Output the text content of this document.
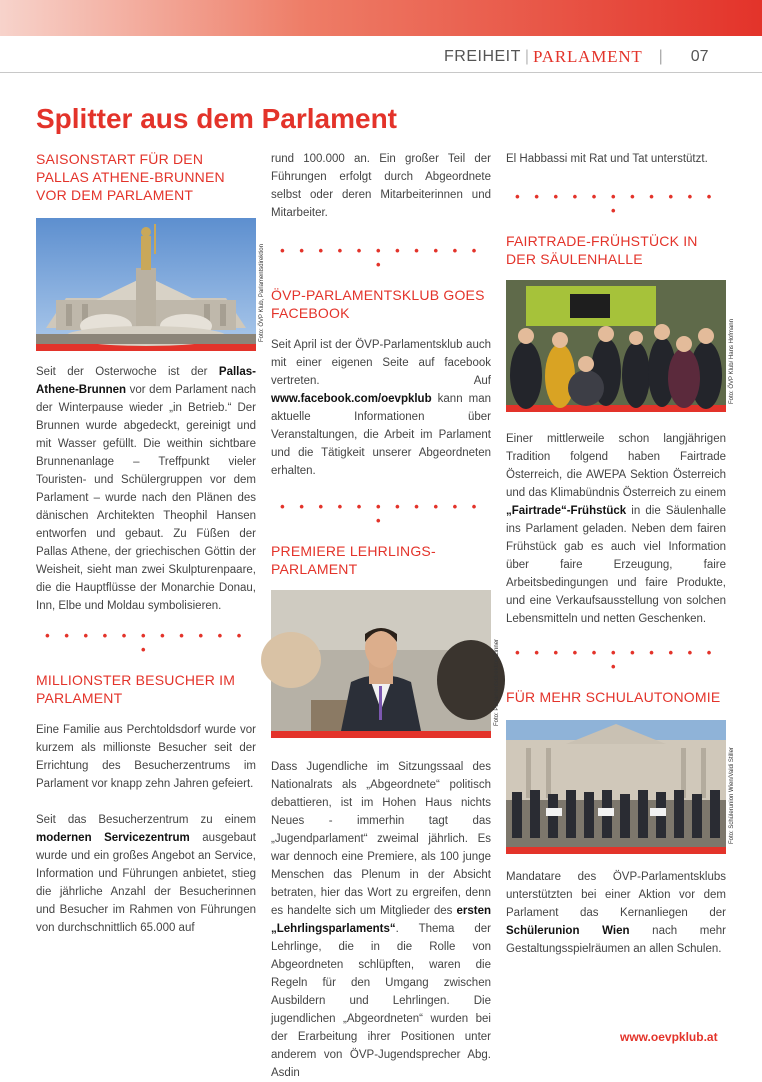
FREIHEIT | PARLAMENT | 07
Splitter aus dem Parlament
SAISONSTART FÜR DEN PALLAS ATHENE-BRUNNEN VOR DEM PARLAMENT
Foto: ÖVP Klub, Parlamentsdirektion

Seit der Osterwoche ist der Pallas-Athene-Brunnen vor dem Parlament nach der Winterpause wieder „in Betrieb.“ Der Brunnen wurde abgedeckt, gereinigt und mit Wasser gefüllt. Die weithin sichtbare Brunnenanlage – Treffpunkt vieler Touristen- und Schülergruppen vor dem Parlament – wurde nach den Plänen des dänischen Architekten Theophil Hansen entworfen und gebaut. Zu Füßen der Pallas Athene, der griechischen Göttin der Weisheit, sieht man zwei Skulpturenpaare, die die Hauptflüsse der Monarchie Donau, Inn, Elbe und Moldau symbolisieren.

• • • • • • • • • • • •
MILLIONSTER BESUCHER IM PARLAMENT

Eine Familie aus Perchtoldsdorf wurde vor kurzem als millionste Besucher seit der Errichtung des Besucherzentrums im Parlament vor knapp zehn Jahren gefeiert.

Seit das Besucherzentrum zu einem modernen Servicezentrum ausgebaut wurde und ein großes Angebot an Service, Information und Führungen anbietet, stieg die jährliche Anzahl der Besucherinnen und Besucher im Rahmen von Führungen von durchschnittlich 65.000 auf

rund 100.000 an. Ein großer Teil der Führungen erfolgt durch Abgeordnete selbst oder deren Mitarbeiterinnen und Mitarbeiter.

• • • • • • • • • • • •
ÖVP-PARLAMENTSKLUB GOES FACEBOOK

Seit April ist der ÖVP-Parlamentsklub auch mit einer eigenen Seite auf facebook vertreten. Auf www.facebook.com/oevpklub kann man aktuelle Informationen über Veranstaltungen, die Arbeit im Parlament und die Tätigkeit unserer Abgeordneten erhalten.

• • • • • • • • • • • •
PREMIERE LEHRLINGS-PARLAMENT
Foto: Parlamentsdirektion/Zinner

Dass Jugendliche im Sitzungssaal des Nationalrats als „Abgeordnete“ politisch debattieren, ist im Hohen Haus nichts Neues - immerhin tagt das „Jugendparlament“ zweimal jährlich. Es war dennoch eine Premiere, als 100 junge Menschen das Plenum in der Absicht betraten, hier das Wort zu ergreifen, denn es handelte sich um Mitglieder des ersten „Lehrlingsparlaments“. Thema der Lehrlinge, die in die Rolle von Abgeordneten schlüpften, waren die Regeln für den Umgang zwischen Ausbildern und Lehrlingen. Die jugendlichen „Abgeordneten“ wurden bei der Erarbeitung ihrer Positionen unter anderem von ÖVP-Jugendsprecher Abg. Asdin

El Habbassi mit Rat und Tat unterstützt.

• • • • • • • • • • • •
FAIRTRADE-FRÜHSTÜCK IN DER SÄULENHALLE
Foto: ÖVP Klub/ Hans Hofmann

Einer mittlerweile schon langjährigen Tradition folgend haben Fairtrade Österreich, die AWEPA Sektion Österreich und das Klimabündnis Österreich zu einem „Fairtrade“-Frühstück in die Säulenhalle ins Parlament geladen. Neben dem fairen Frühstück gab es auch viel Information über faire Erzeugung, faire Arbeitsbedingungen und faire Produkte, und eine Verkaufsausstellung von solchen Lebensmitteln und netten Geschenken.

• • • • • • • • • • • •
FÜR MEHR SCHULAUTONOMIE
Foto: Schülerunion Wien/Valdi Stiller

Mandatare des ÖVP-Parlamentsklubs unterstützten bei einer Aktion vor dem Parlament das Kernanliegen der Schülerunion Wien nach mehr Gestaltungsspielräumen an allen Schulen.

www.oevpklub.at
